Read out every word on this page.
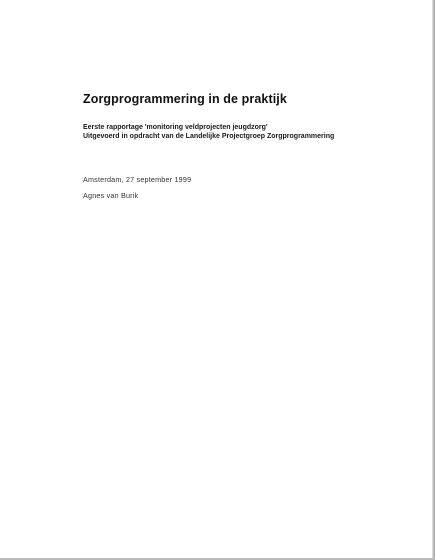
Zorgprogrammering in de praktijk
Eerste rapportage 'monitoring veldprojecten jeugdzorg'
Uitgevoerd in opdracht van de Landelijke Projectgroep Zorgprogrammering
Amsterdam, 27 september 1999
Agnes van Burik
